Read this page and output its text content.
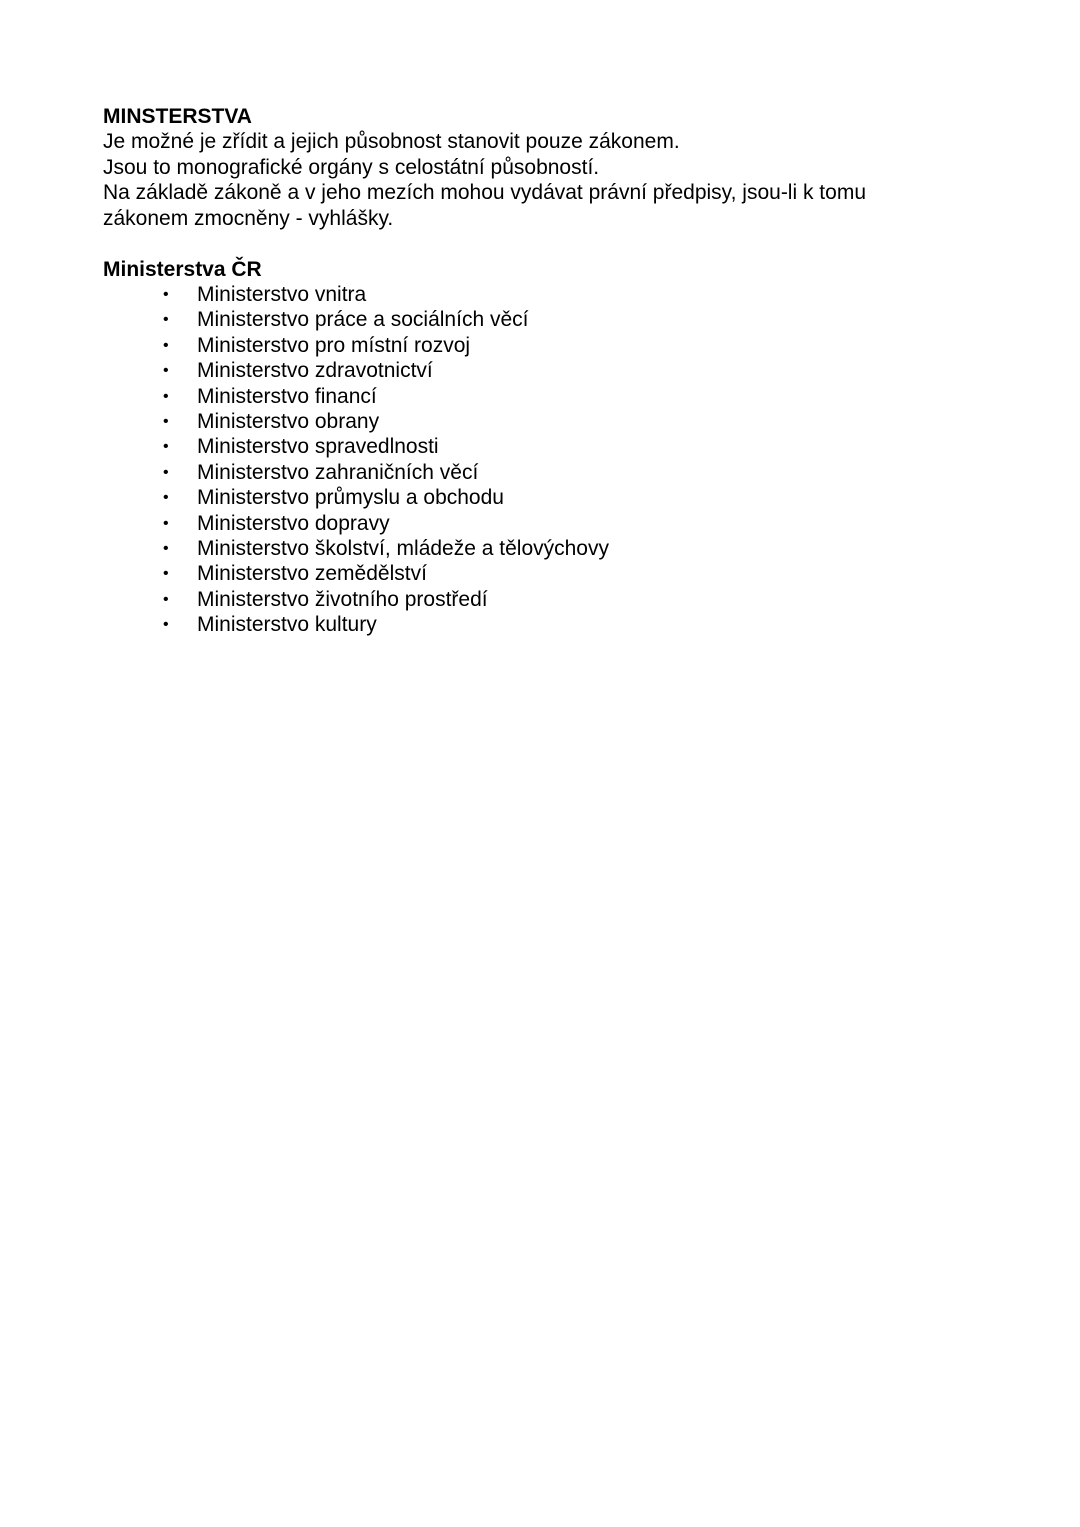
MINSTERSTVA

Je možné je zřídit a jejich působnost stanovit pouze zákonem.

Jsou to monografické orgány s celostátní působností.

Na základě zákoně a v jeho mezích mohou vydávat právní předpisy, jsou-li k tomu

zákonem zmocněny - vyhlášky.

Ministerstva ČR

• Ministerstvo vnitra
• Ministerstvo práce a sociálních věcí
• Ministerstvo pro místní rozvoj
• Ministerstvo zdravotnictví
• Ministerstvo financí
• Ministerstvo obrany
• Ministerstvo spravedlnosti
• Ministerstvo zahraničních věcí
• Ministerstvo průmyslu a obchodu
• Ministerstvo dopravy
• Ministerstvo školství, mládeže a tělovýchovy
• Ministerstvo zemědělství
• Ministerstvo životního prostředí
• Ministerstvo kultury
